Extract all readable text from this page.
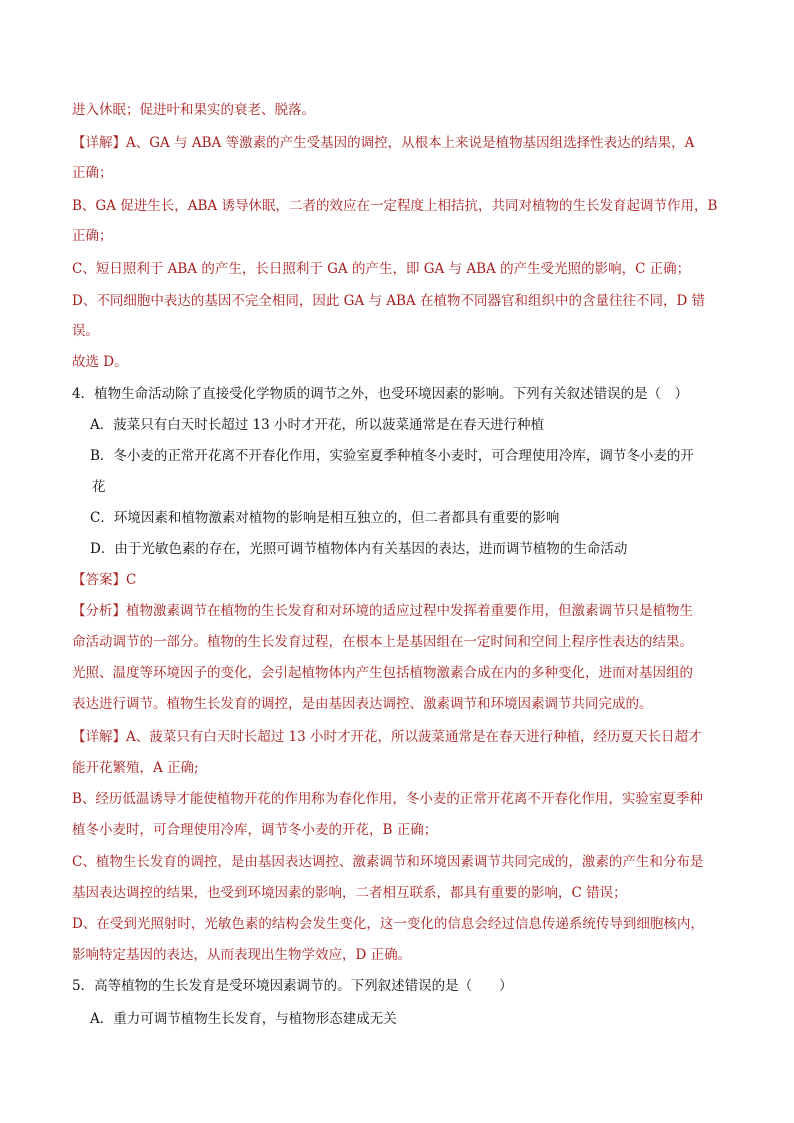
进入休眠；促进叶和果实的衰老、脱落。
【详解】A、GA 与 ABA 等激素的产生受基因的调控，从根本上来说是植物基因组选择性表达的结果，A
正确；
B、GA 促进生长，ABA 诱导休眠，二者的效应在一定程度上相拮抗，共同对植物的生长发育起调节作用，B
正确；
C、短日照利于 ABA 的产生，长日照利于 GA 的产生，即 GA 与 ABA 的产生受光照的影响，C 正确；
D、不同细胞中表达的基因不完全相同，因此 GA 与 ABA 在植物不同器官和组织中的含量往往不同，D 错
误。
故选 D。
4．植物生命活动除了直接受化学物质的调节之外，也受环境因素的影响。下列有关叙述错误的是（　）
A．菠菜只有白天时长超过 13 小时才开花，所以菠菜通常是在春天进行种植
B．冬小麦的正常开花离不开春化作用，实验室夏季种植冬小麦时，可合理使用冷库，调节冬小麦的开
花
C．环境因素和植物激素对植物的影响是相互独立的，但二者都具有重要的影响
D．由于光敏色素的存在，光照可调节植物体内有关基因的表达，进而调节植物的生命活动
【答案】C
【分析】植物激素调节在植物的生长发育和对环境的适应过程中发挥着重要作用，但激素调节只是植物生
命活动调节的一部分。植物的生长发育过程，在根本上是基因组在一定时间和空间上程序性表达的结果。
光照、温度等环境因子的变化，会引起植物体内产生包括植物激素合成在内的多种变化，进而对基因组的
表达进行调节。植物生长发育的调控，是由基因表达调控、激素调节和环境因素调节共同完成的。
【详解】A、菠菜只有白天时长超过 13 小时才开花，所以菠菜通常是在春天进行种植，经历夏天长日超才
能开花繁殖，A 正确;
B、经历低温诱导才能使植物开花的作用称为春化作用，冬小麦的正常开花离不开春化作用，实验室夏季种
植冬小麦时，可合理使用冷库，调节冬小麦的开花，B 正确；
C、植物生长发育的调控，是由基因表达调控、激素调节和环境因素调节共同完成的，激素的产生和分布是
基因表达调控的结果，也受到环境因素的影响，二者相互联系，都具有重要的影响，C 错误；
D、在受到光照射时，光敏色素的结构会发生变化，这一变化的信息会经过信息传递系统传导到细胞核内，
影响特定基因的表达，从而表现出生物学效应，D 正确。
5．高等植物的生长发育是受环境因素调节的。下列叙述错误的是（　　）
A．重力可调节植物生长发育，与植物形态建成无关
